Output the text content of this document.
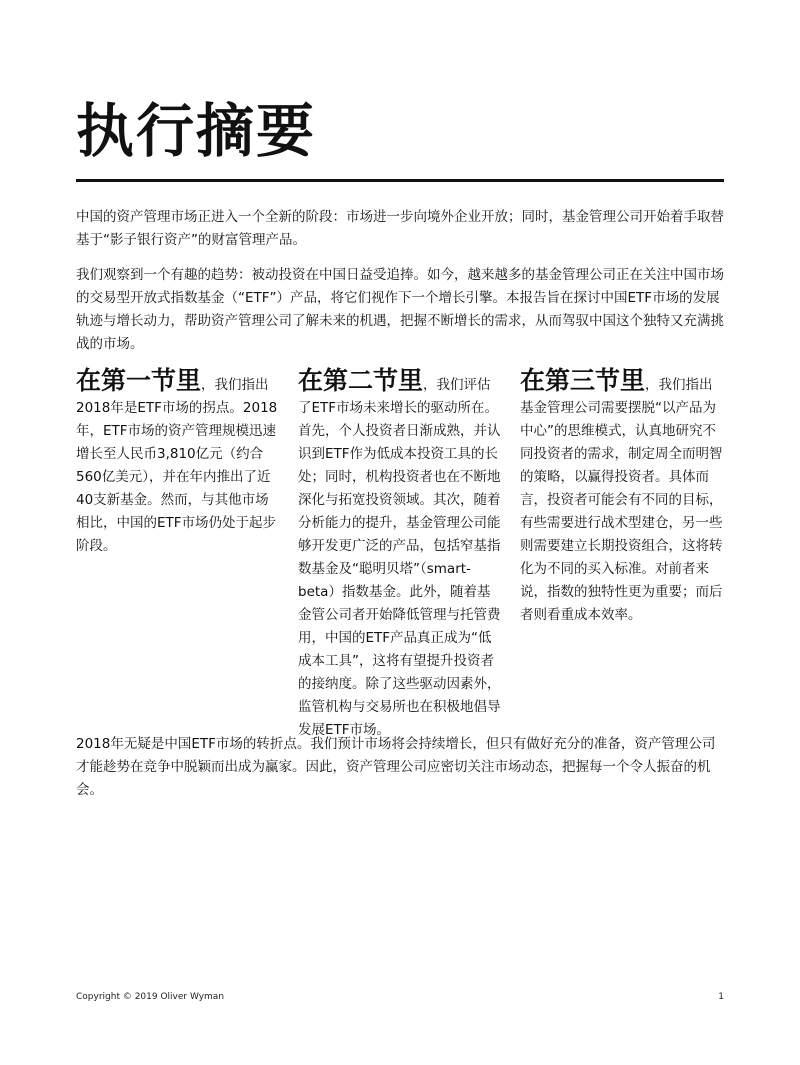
执行摘要

中国的资产管理市场正进入一个全新的阶段：市场进一步向境外企业开放；同时，基金管理公司开始着手取替基于“影子银行资产”的财富管理产品。

我们观察到一个有趣的趋势：被动投资在中国日益受追捧。如今，越来越多的基金管理公司正在关注中国市场的交易型开放式指数基金（“ETF”）产品，将它们视作下一个增长引擎。本报告旨在探讨中国ETF市场的发展轨迹与增长动力，帮助资产管理公司了解未来的机遇，把握不断增长的需求，从而驾驭中国这个独特又充满挑战的市场。

在第一节里，我们指出2018年是ETF市场的拐点。2018年，ETF市场的资产管理规模迅速增长至人民币3,810亿元（约合560亿美元），并在年内推出了近40支新基金。然而，与其他市场相比，中国的ETF市场仍处于起步阶段。

在第二节里，我们评估了ETF市场未来增长的驱动所在。首先，个人投资者日渐成熟，并认识到ETF作为低成本投资工具的长处；同时，机构投资者也在不断地深化与拓宽投资领域。其次，随着分析能力的提升，基金管理公司能够开发更广泛的产品，包括窄基指数基金及“聪明贝塔”（smart-beta）指数基金。此外，随着基金管公司者开始降低管理与托管费用，中国的ETF产品真正成为“低成本工具”，这将有望提升投资者的接纳度。除了这些驱动因素外，监管机构与交易所也在积极地倡导发展ETF市场。

在第三节里，我们指出基金管理公司需要摆脱“以产品为中心”的思维模式，认真地研究不同投资者的需求，制定周全而明智的策略，以赢得投资者。具体而言，投资者可能会有不同的目标，有些需要进行战术型建仓，另一些则需要建立长期投资组合，这将转化为不同的买入标准。对前者来说，指数的独特性更为重要；而后者则看重成本效率。

2018年无疑是中国ETF市场的转折点。我们预计市场将会持续增长，但只有做好充分的准备，资产管理公司才能趁势在竞争中脱颖而出成为赢家。因此，资产管理公司应密切关注市场动态，把握每一个令人振奋的机会。

Copyright © 2019 Oliver Wyman	1
